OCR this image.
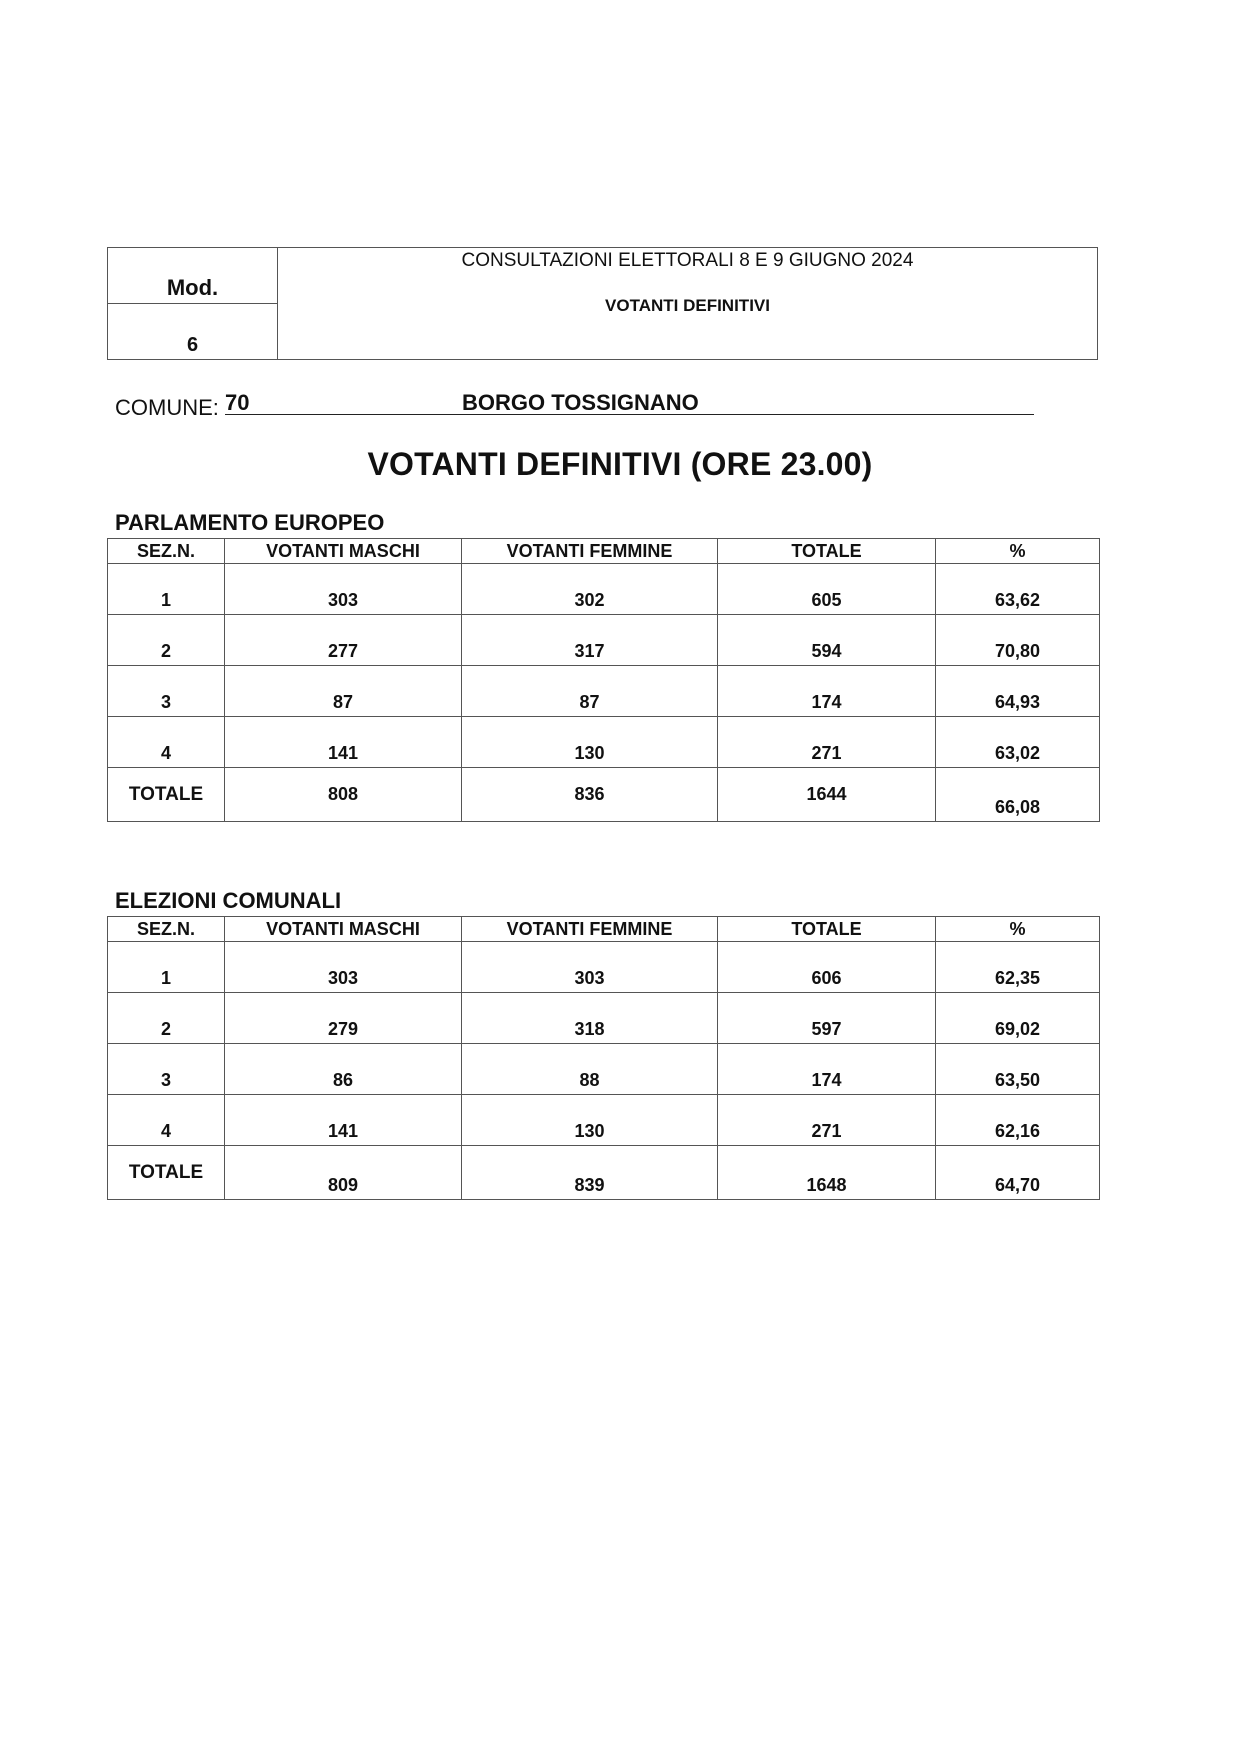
Mod.
6
CONSULTAZIONI ELETTORALI 8 E 9 GIUGNO 2024
VOTANTI DEFINITIVI
COMUNE: 70	BORGO TOSSIGNANO
VOTANTI DEFINITIVI (ORE 23.00)
PARLAMENTO EUROPEO
SEZ.N.	VOTANTI MASCHI	VOTANTI FEMMINE	TOTALE	%
1	303	302	605	63,62
2	277	317	594	70,80
3	87	87	174	64,93
4	141	130	271	63,02
TOTALE	808	836	1644	66,08
ELEZIONI COMUNALI
SEZ.N.	VOTANTI MASCHI	VOTANTI FEMMINE	TOTALE	%
1	303	303	606	62,35
2	279	318	597	69,02
3	86	88	174	63,50
4	141	130	271	62,16
TOTALE	809	839	1648	64,70
